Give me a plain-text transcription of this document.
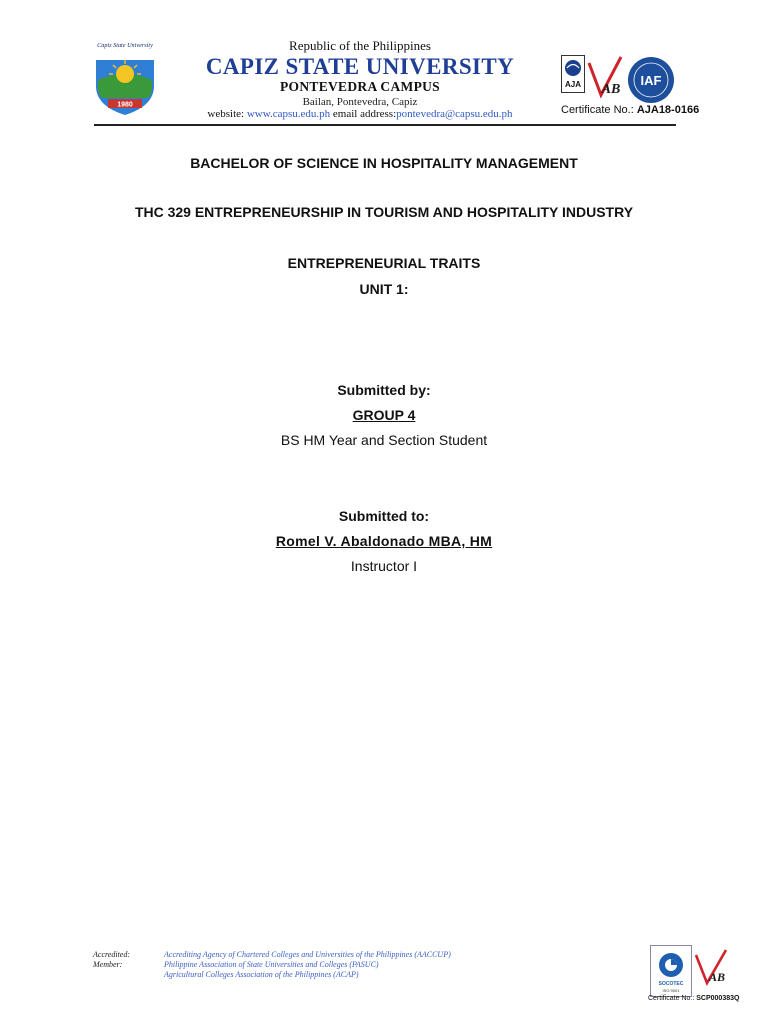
Capiz State University
1980
Republic of the Philippines
CAPIZ STATE UNIVERSITY
PONTEVEDRA CAMPUS
Bailan, Pontevedra, Capiz
website: www.capsu.edu.ph email address:pontevedra@capsu.edu.ph
AJA AB
IAF
Certificate No.: AJA18-0166
BACHELOR OF SCIENCE IN HOSPITALITY MANAGEMENT
THC 329 ENTREPRENEURSHIP IN TOURISM AND HOSPITALITY INDUSTRY
ENTREPRENEURIAL TRAITS
UNIT 1:
Submitted by:
GROUP 4
BS HM Year and Section Student
Submitted to:
Romel V. Abaldonado MBA, HM
Instructor I
Accredited:
Member:
Accrediting Agency of Chartered Colleges and Universities of the Philippines (AACCUP)
Philippine Association of State Universities and Colleges (PASUC)
Agricultural Colleges Association of the Philippines (ACAP)
SOCOTEC
ISO 9001
AB
Certificate No.: SCP000383Q
